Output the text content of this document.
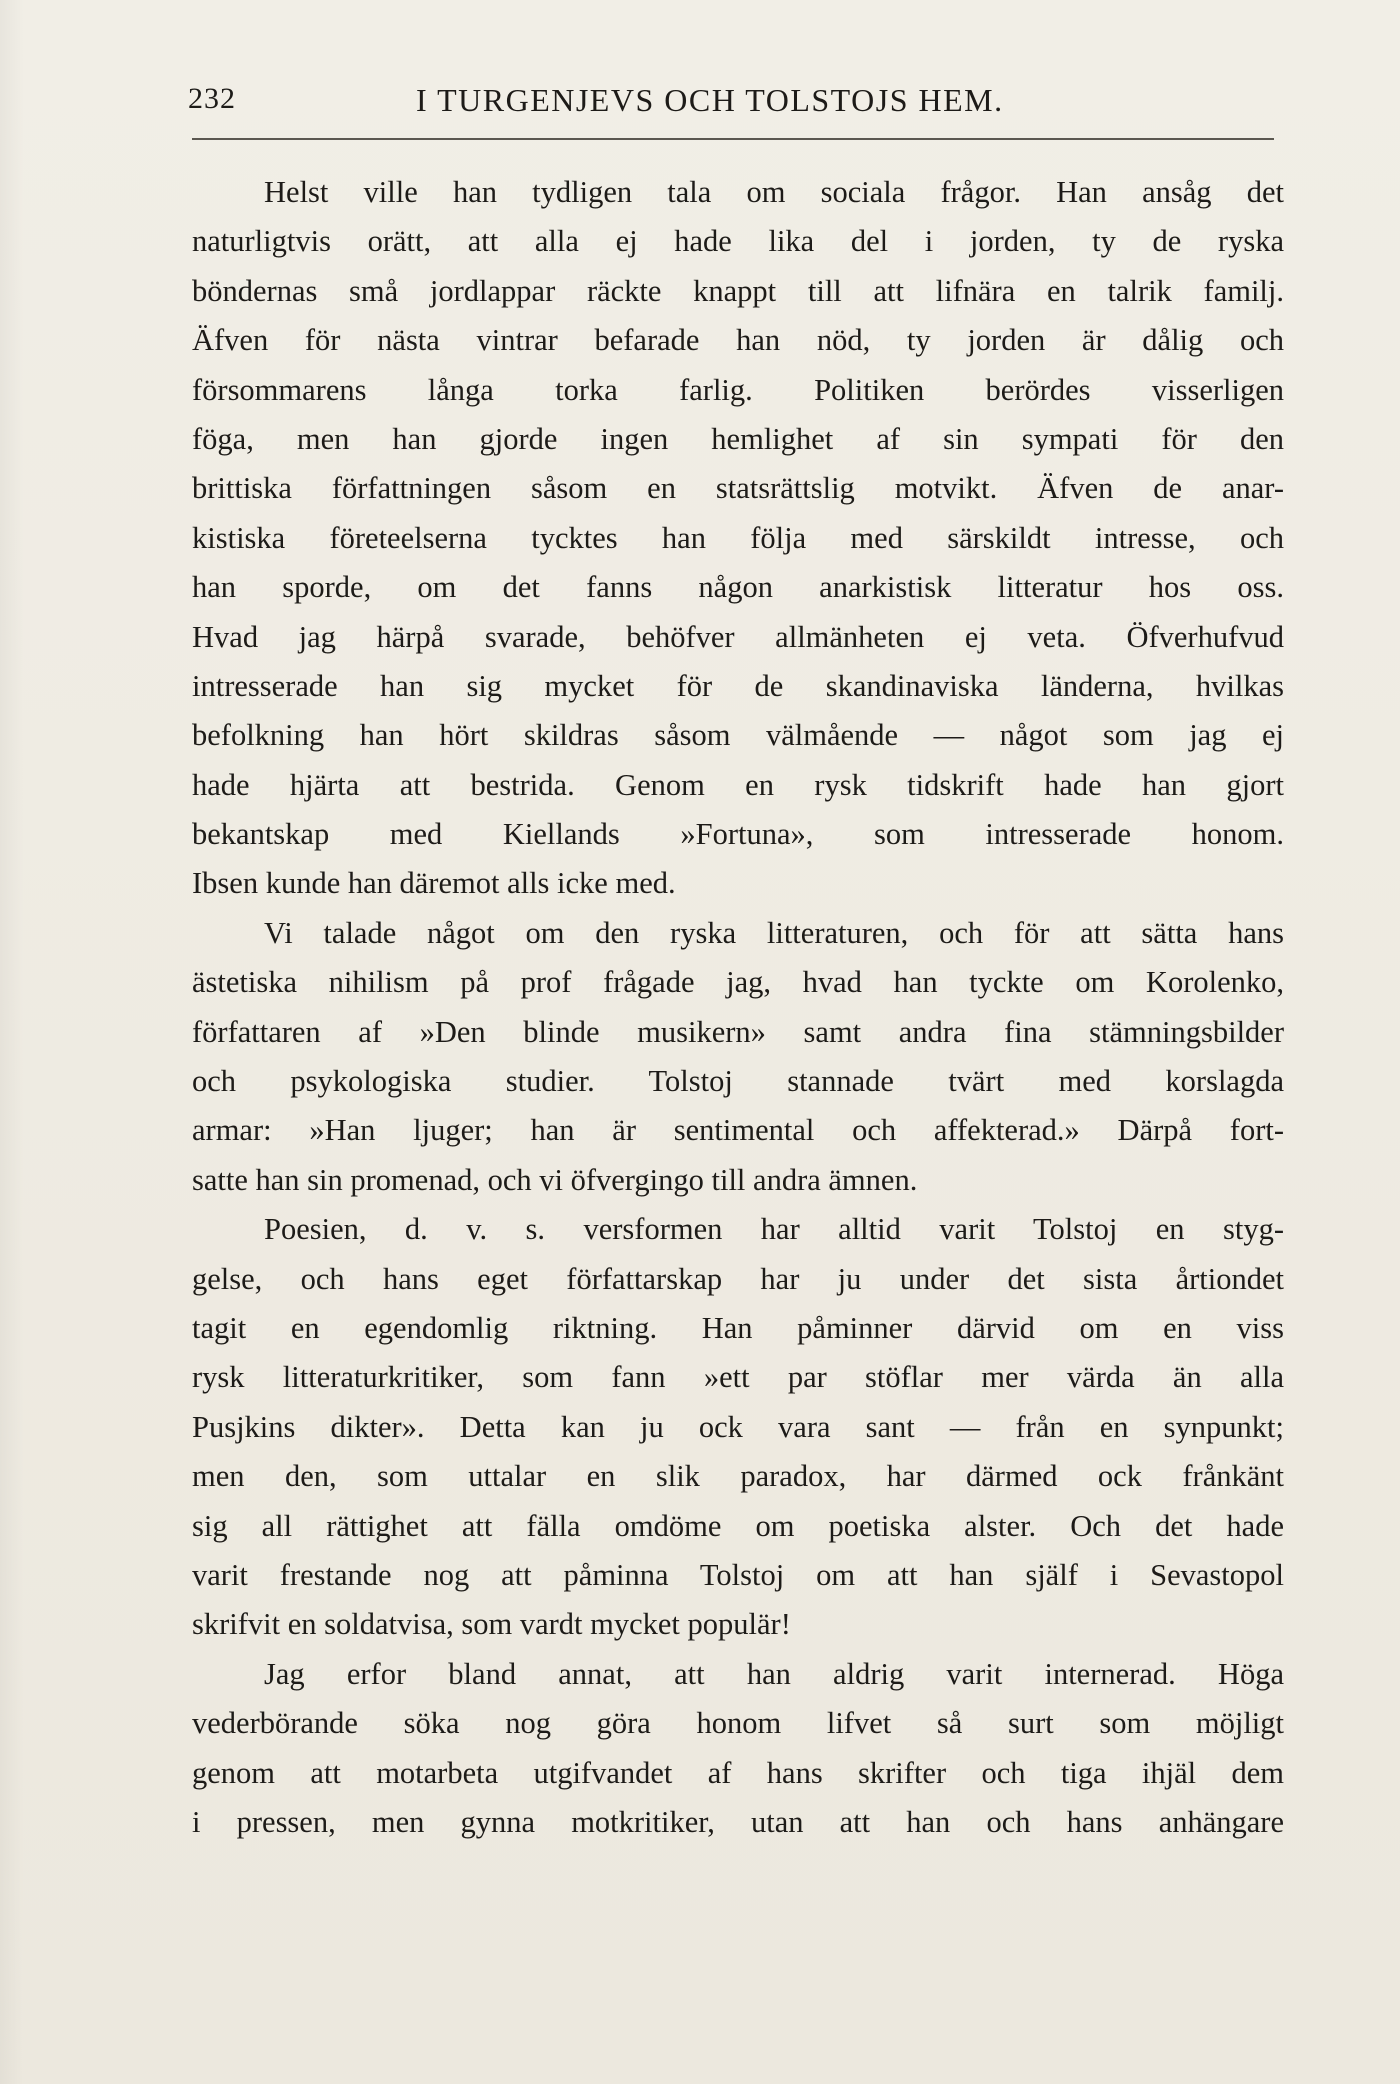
232	I TURGENJEVS OCH TOLSTOJS HEM.
Helst ville han tydligen tala om sociala frågor. Han ansåg det
naturligtvis orätt, att alla ej hade lika del i jorden, ty de ryska
böndernas små jordlappar räckte knappt till att lifnära en talrik familj.
Äfven för nästa vintrar befarade han nöd, ty jorden är dålig och
försommarens långa torka farlig. Politiken berördes visserligen
föga, men han gjorde ingen hemlighet af sin sympati för den
brittiska författningen såsom en statsrättslig motvikt. Äfven de anar-
kistiska företeelserna tycktes han följa med särskildt intresse, och
han sporde, om det fanns någon anarkistisk litteratur hos oss.
Hvad jag härpå svarade, behöfver allmänheten ej veta. Öfverhufvud
intresserade han sig mycket för de skandinaviska länderna, hvilkas
befolkning han hört skildras såsom välmående — något som jag ej
hade hjärta att bestrida. Genom en rysk tidskrift hade han gjort
bekantskap med Kiellands »Fortuna», som intresserade honom.
Ibsen kunde han däremot alls icke med.
Vi talade något om den ryska litteraturen, och för att sätta hans
ästetiska nihilism på prof frågade jag, hvad han tyckte om Korolenko,
författaren af »Den blinde musikern» samt andra fina stämningsbilder
och psykologiska studier. Tolstoj stannade tvärt med korslagda
armar: »Han ljuger; han är sentimental och affekterad.» Därpå fort-
satte han sin promenad, och vi öfvergingo till andra ämnen.
Poesien, d. v. s. versformen har alltid varit Tolstoj en styg-
gelse, och hans eget författarskap har ju under det sista årtiondet
tagit en egendomlig riktning. Han påminner därvid om en viss
rysk litteraturkritiker, som fann »ett par stöflar mer värda än alla
Pusjkins dikter». Detta kan ju ock vara sant — från en synpunkt;
men den, som uttalar en slik paradox, har därmed ock frånkänt
sig all rättighet att fälla omdöme om poetiska alster. Och det hade
varit frestande nog att påminna Tolstoj om att han själf i Sevastopol
skrifvit en soldatvisa, som vardt mycket populär!
Jag erfor bland annat, att han aldrig varit internerad. Höga
vederbörande söka nog göra honom lifvet så surt som möjligt
genom att motarbeta utgifvandet af hans skrifter och tiga ihjäl dem
i pressen, men gynna motkritiker, utan att han och hans anhängare
